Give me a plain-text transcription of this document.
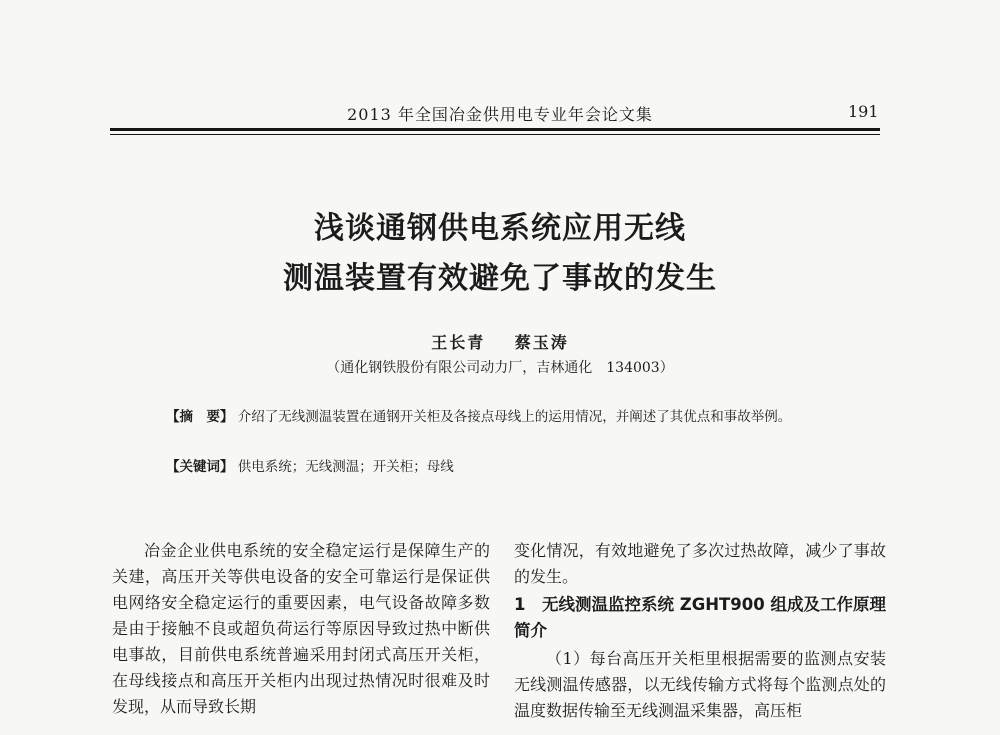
2013 年全国冶金供用电专业年会论文集	191
浅谈通钢供电系统应用无线
测温装置有效避免了事故的发生
王长青 蔡玉涛
（通化钢铁股份有限公司动力厂，吉林通化　134003）
【摘　要】 介绍了无线测温装置在通钢开关柜及各接点母线上的运用情况，并阐述了其优点和事故举例。
【关键词】 供电系统；无线测温；开关柜；母线

冶金企业供电系统的安全稳定运行是保障生产的关建，高压开关等供电设备的安全可靠运行是保证供电网络安全稳定运行的重要因素，电气设备故障多数是由于接触不良或超负荷运行等原因导致过热中断供电事故，目前供电系统普遍采用封闭式高压开关柜，在母线接点和高压开关柜内出现过热情况时很难及时发现，从而导致长期

变化情况，有效地避免了多次过热故障，减少了事故的发生。

1　无线测温监控系统 ZGHT900 组成及工作原理简介

（1）每台高压开关柜里根据需要的监测点安装无线测温传感器，以无线传输方式将每个监测点处的温度数据传输至无线测温采集器，高压柜
